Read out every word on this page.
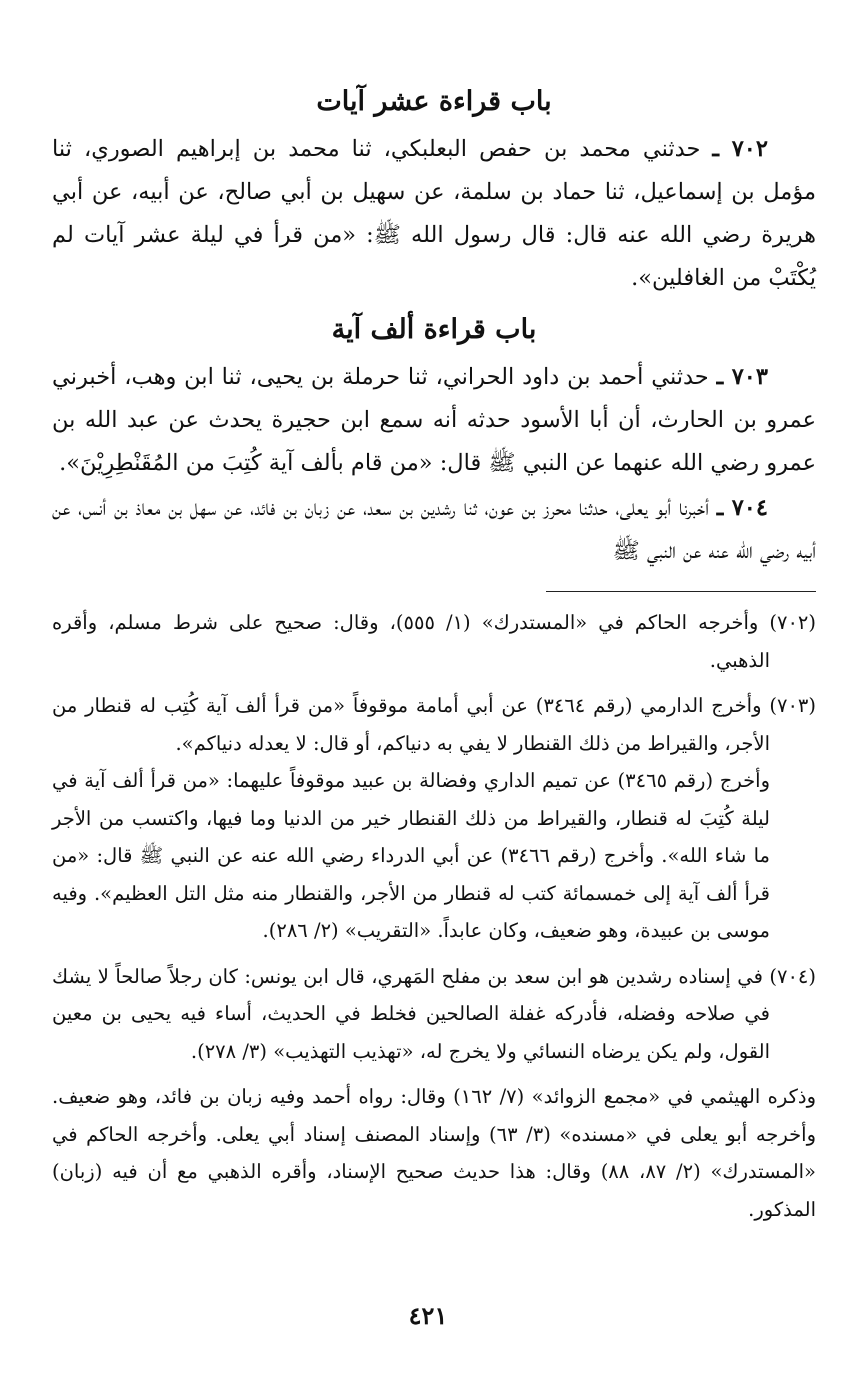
باب قراءة عشر آيات

٧٠٢ ـ حدثني محمد بن حفص البعلبكي، ثنا محمد بن إبراهيم الصوري، ثنا مؤمل بن إسماعيل، ثنا حماد بن سلمة، عن سهيل بن أبي صالح، عن أبيه، عن أبي هريرة رضي الله عنه قال: قال رسول الله ﷺ: «من قرأ في ليلة عشر آيات لم يُكْتَبْ من الغافلين».

باب قراءة ألف آية

٧٠٣ ـ حدثني أحمد بن داود الحراني، ثنا حرملة بن يحيى، ثنا ابن وهب، أخبرني عمرو بن الحارث، أن أبا الأسود حدثه أنه سمع ابن حجيرة يحدث عن عبد الله بن عمرو رضي الله عنهما عن النبي ﷺ قال: «من قام بألف آية كُتِبَ من المُقَنْطِرِيْنَ».

٧٠٤ ـ أخبرنا أبو يعلى، حدثنا محرز بن عون، ثنا رشدين بن سعد، عن زبان بن فائد، عن سهل بن معاذ بن أنس، عن أبيه رضي الله عنه عن النبي ﷺ

(٧٠٢) وأخرجه الحاكم في «المستدرك» (١/ ٥٥٥)، وقال: صحيح على شرط مسلم، وأقره الذهبي.

(٧٠٣) وأخرج الدارمي (رقم ٣٤٦٤) عن أبي أمامة موقوفاً «من قرأ ألف آية كُتِب له قنطار من الأجر، والقيراط من ذلك القنطار لا يفي به دنياكم، أو قال: لا يعدله دنياكم».

وأخرج (رقم ٣٤٦٥) عن تميم الداري وفضالة بن عبيد موقوفاً عليهما: «من قرأ ألف آية في ليلة كُتِبَ له قنطار، والقيراط من ذلك القنطار خير من الدنيا وما فيها، واكتسب من الأجر ما شاء الله». وأخرج (رقم ٣٤٦٦) عن أبي الدرداء رضي الله عنه عن النبي ﷺ قال: «من قرأ ألف آية إلى خمسمائة كتب له قنطار من الأجر، والقنطار منه مثل التل العظيم». وفيه موسى بن عبيدة، وهو ضعيف، وكان عابداً. «التقريب» (٢/ ٢٨٦).

(٧٠٤) في إسناده رشدين هو ابن سعد بن مفلح المَهري، قال ابن يونس: كان رجلاً صالحاً لا يشك في صلاحه وفضله، فأدركه غفلة الصالحين فخلط في الحديث، أساء فيه يحيى بن معين القول، ولم يكن يرضاه النسائي ولا يخرج له، «تهذيب التهذيب» (٣/ ٢٧٨).

وذكره الهيثمي في «مجمع الزوائد» (٧/ ١٦٢) وقال: رواه أحمد وفيه زبان بن فائد، وهو ضعيف. وأخرجه أبو يعلى في «مسنده» (٣/ ٦٣) وإسناد المصنف إسناد أبي يعلى. وأخرجه الحاكم في «المستدرك» (٢/ ٨٧، ٨٨) وقال: هذا حديث صحيح الإسناد، وأقره الذهبي مع أن فيه (زبان) المذكور.

٤٢١
